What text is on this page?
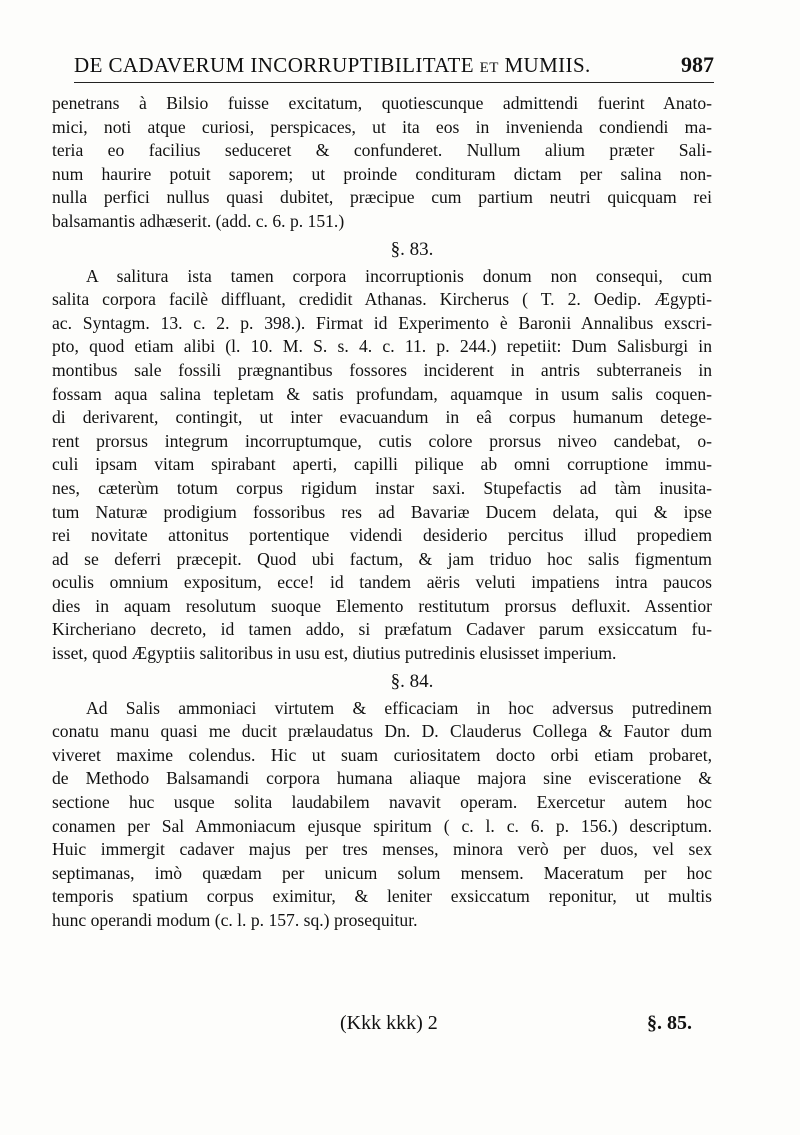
DE CADAVERUM INCORRUPTIBILITATE ET MUMIIS.	987
penetrans à Bilsio fuisse excitatum, quotiescunque admittendi fuerint Anato-
mici, noti atque curiosi, perspicaces, ut ita eos in invenienda condiendi ma-
teria eo facilius seduceret & confunderet. Nullum alium præter Sali-
num haurire potuit saporem; ut proinde condituram dictam per salina non-
nulla perfici nullus quasi dubitet, præcipue cum partium neutri quicquam rei
balsamantis adhæserit. (add. c. 6. p. 151.)
§. 83.
A salitura ista tamen corpora incorruptionis donum non consequi, cum
salita corpora facilè diffluant, credidit Athanas. Kircherus ( T. 2. Oedip. Ægypti-
ac. Syntagm. 13. c. 2. p. 398.). Firmat id Experimento è Baronii Annalibus exscri-
pto, quod etiam alibi (l. 10. M. S. s. 4. c. 11. p. 244.) repetiit: Dum Salisburgi in
montibus sale fossili prægnantibus fossores inciderent in antris subterraneis in
fossam aqua salina tepletam & satis profundam, aquamque in usum salis coquen-
di derivarent, contingit, ut inter evacuandum in eâ corpus humanum detege-
rent prorsus integrum incorruptumque, cutis colore prorsus niveo candebat, o-
culi ipsam vitam spirabant aperti, capilli pilique ab omni corruptione immu-
nes, cæterùm totum corpus rigidum instar saxi. Stupefactis ad tàm inusita-
tum Naturæ prodigium fossoribus res ad Bavariæ Ducem delata, qui & ipse
rei novitate attonitus portentique videndi desiderio percitus illud propediem
ad se deferri præcepit. Quod ubi factum, & jam triduo hoc salis figmentum
oculis omnium expositum, ecce! id tandem aëris veluti impatiens intra paucos
dies in aquam resolutum suoque Elemento restitutum prorsus defluxit. Assentior
Kircheriano decreto, id tamen addo, si præfatum Cadaver parum exsiccatum fu-
isset, quod Ægyptiis salitoribus in usu est, diutius putredinis elusisset imperium.
§. 84.
Ad Salis ammoniaci virtutem & efficaciam in hoc adversus putredinem
conatu manu quasi me ducit prælaudatus Dn. D. Clauderus Collega & Fautor dum
viveret maxime colendus. Hic ut suam curiositatem docto orbi etiam probaret,
de Methodo Balsamandi corpora humana aliaque majora sine evisceratione &
sectione huc usque solita laudabilem navavit operam. Exercetur autem hoc
conamen per Sal Ammoniacum ejusque spiritum ( c. l. c. 6. p. 156.) descriptum.
Huic immergit cadaver majus per tres menses, minora verò per duos, vel sex
septimanas, imò quædam per unicum solum mensem. Maceratum per hoc
temporis spatium corpus eximitur, & leniter exsiccatum reponitur, ut multis
hunc operandi modum (c. l. p. 157. sq.) prosequitur.
(Kkk kkk) 2	§. 85.
